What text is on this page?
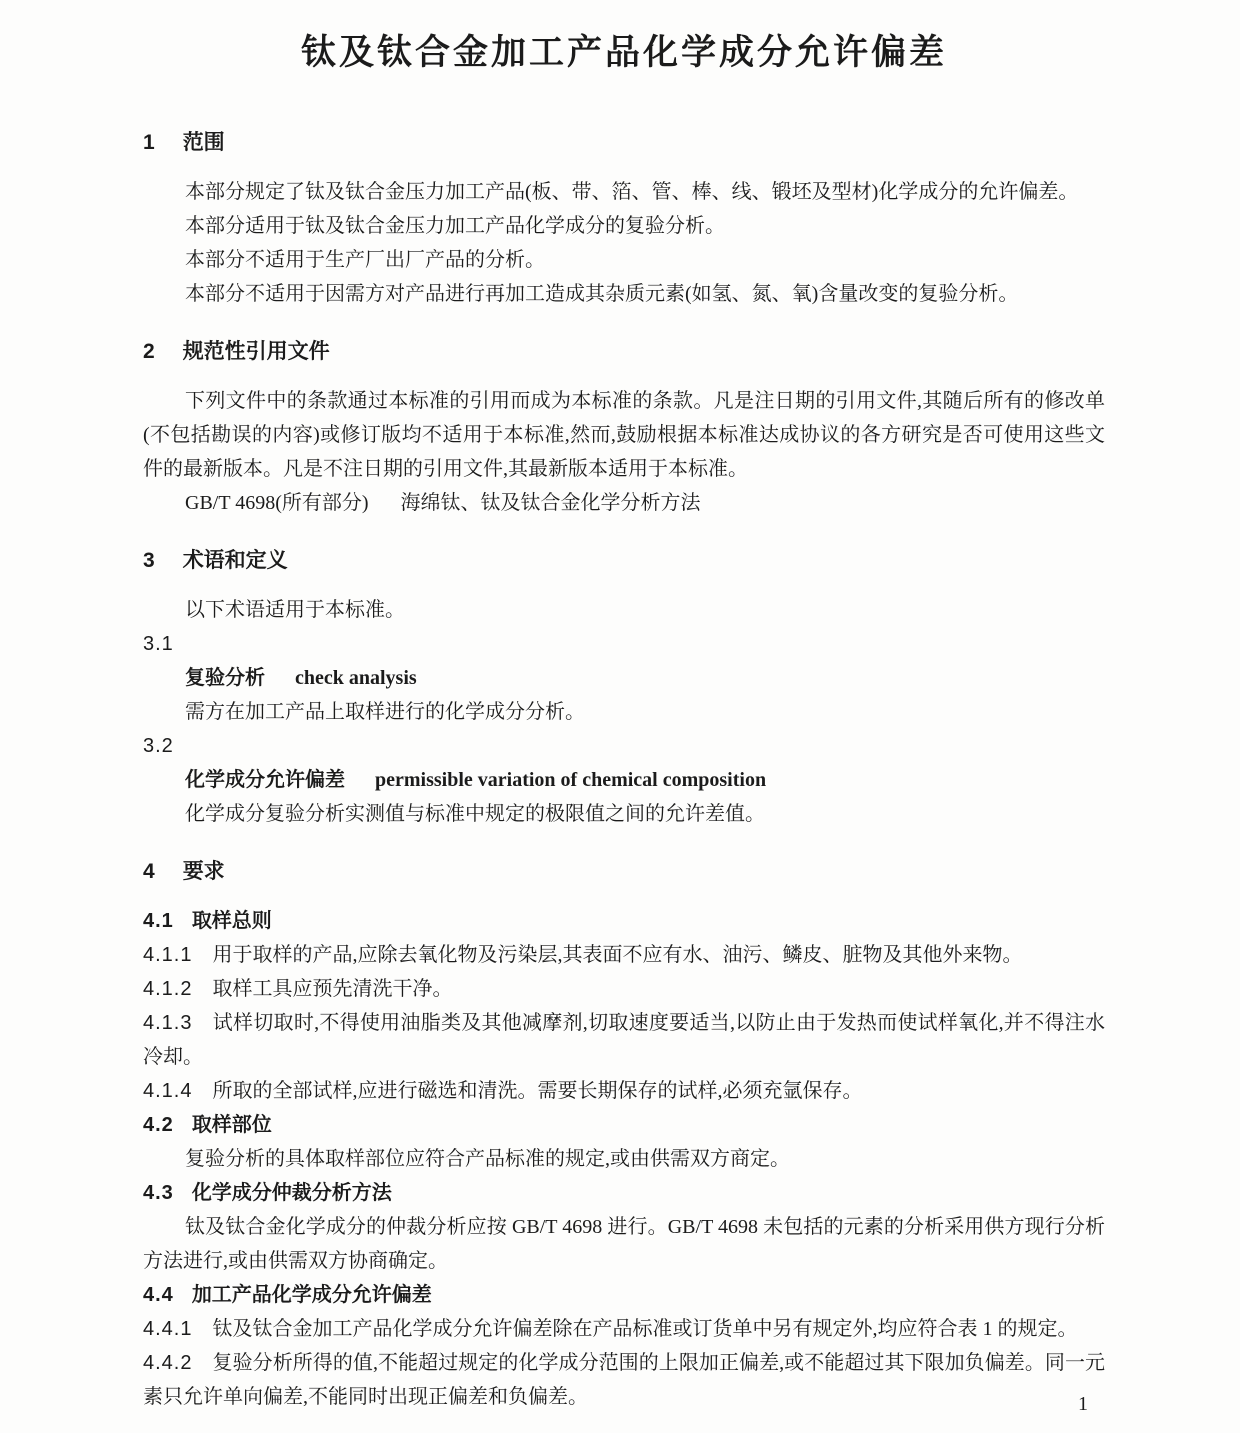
钛及钛合金加工产品化学成分允许偏差
1 范围

本部分规定了钛及钛合金压力加工产品(板、带、箔、管、棒、线、锻坯及型材)化学成分的允许偏差。

本部分适用于钛及钛合金压力加工产品化学成分的复验分析。

本部分不适用于生产厂出厂产品的分析。

本部分不适用于因需方对产品进行再加工造成其杂质元素(如氢、氮、氧)含量改变的复验分析。

2 规范性引用文件

下列文件中的条款通过本标准的引用而成为本标准的条款。凡是注日期的引用文件,其随后所有的修改单(不包括勘误的内容)或修订版均不适用于本标准,然而,鼓励根据本标准达成协议的各方研究是否可使用这些文件的最新版本。凡是不注日期的引用文件,其最新版本适用于本标准。

GB/T 4698(所有部分) 海绵钛、钛及钛合金化学分析方法

3 术语和定义

以下术语适用于本标准。

3.1

复验分析 check analysis

需方在加工产品上取样进行的化学成分分析。

3.2

化学成分允许偏差 permissible variation of chemical composition

化学成分复验分析实测值与标准中规定的极限值之间的允许差值。

4 要求
4.1 取样总则

4.1.1 用于取样的产品,应除去氧化物及污染层,其表面不应有水、油污、鳞皮、脏物及其他外来物。

4.1.2 取样工具应预先清洗干净。

4.1.3 试样切取时,不得使用油脂类及其他减摩剂,切取速度要适当,以防止由于发热而使试样氧化,并不得注水冷却。

4.1.4 所取的全部试样,应进行磁选和清洗。需要长期保存的试样,必须充氩保存。

4.2 取样部位

复验分析的具体取样部位应符合产品标准的规定,或由供需双方商定。

4.3 化学成分仲裁分析方法

钛及钛合金化学成分的仲裁分析应按 GB/T 4698 进行。GB/T 4698 未包括的元素的分析采用供方现行分析方法进行,或由供需双方协商确定。

4.4 加工产品化学成分允许偏差

4.4.1 钛及钛合金加工产品化学成分允许偏差除在产品标准或订货单中另有规定外,均应符合表 1 的规定。

4.4.2 复验分析所得的值,不能超过规定的化学成分范围的上限加正偏差,或不能超过其下限加负偏差。同一元素只允许单向偏差,不能同时出现正偏差和负偏差。	1
